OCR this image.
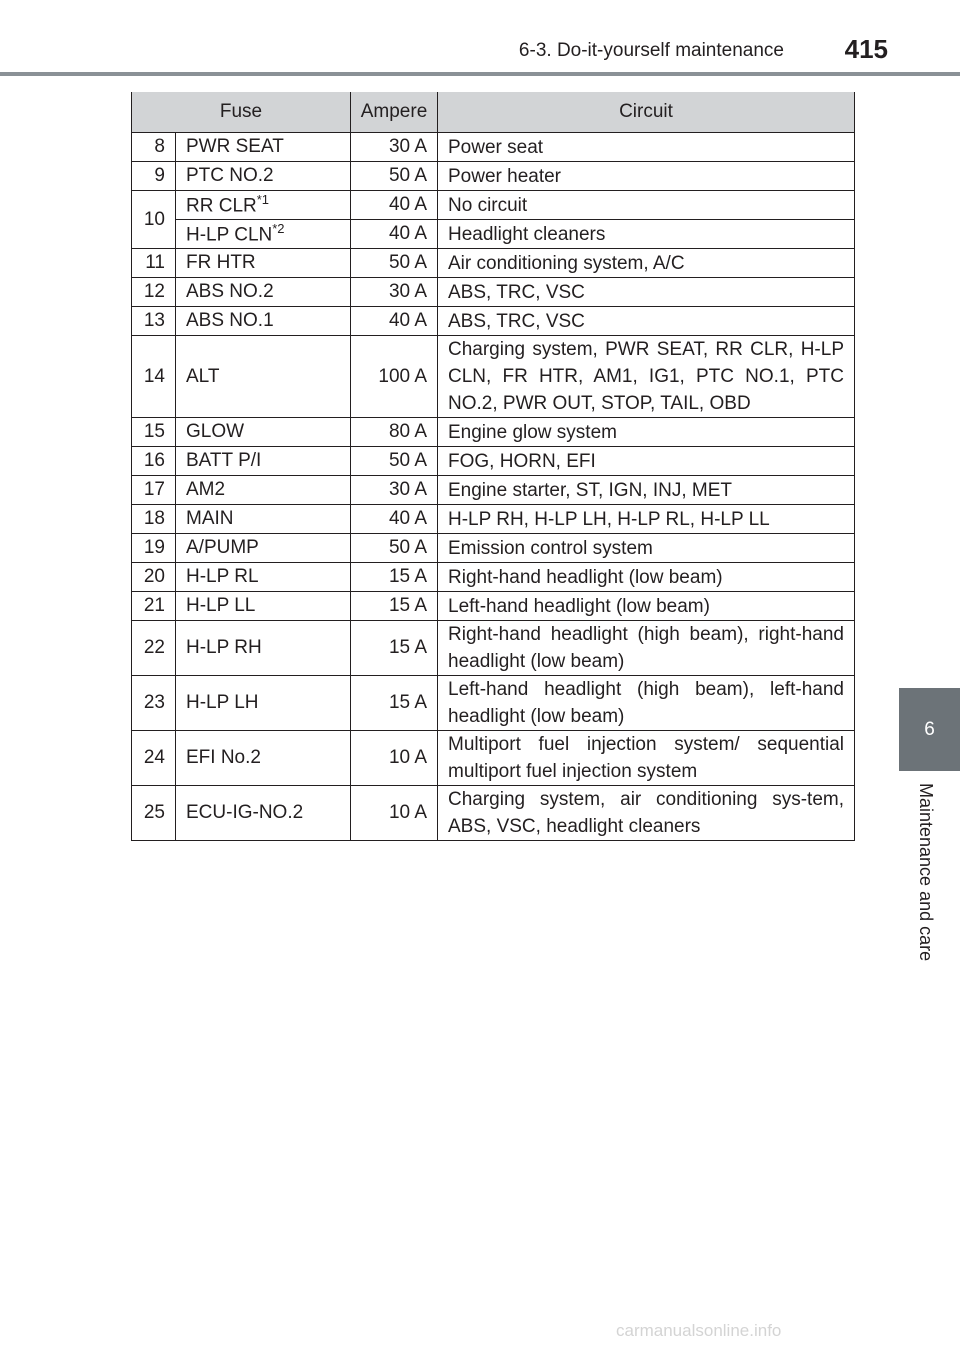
6-3. Do-it-yourself maintenance 415
6
Maintenance and care
Fuse		Ampere	Circuit
8	PWR SEAT	30 A	Power seat
9	PTC NO.2	50 A	Power heater
10	RR CLR$^{*1}$	40 A	No circuit
	H-LP CLN$^{*2}$	40 A	Headlight cleaners
11	FR HTR	50 A	Air conditioning system, A/C
12	ABS NO.2	30 A	ABS, TRC, VSC
13	ABS NO.1	40 A	ABS, TRC, VSC
14	ALT	100 A	Charging system, PWR SEAT, RR CLR, H-LP CLN, FR HTR, AM1, IG1, PTC NO.1, PTC NO.2, PWR OUT, STOP, TAIL, OBD
15	GLOW	80 A	Engine glow system
16	BATT P/I	50 A	FOG, HORN, EFI
17	AM2	30 A	Engine starter, ST, IGN, INJ, MET
18	MAIN	40 A	H-LP RH, H-LP LH, H-LP RL, H-LP LL
19	A/PUMP	50 A	Emission control system
20	H-LP RL	15 A	Right-hand headlight (low beam)
21	H-LP LL	15 A	Left-hand headlight (low beam)
22	H-LP RH	15 A	Right-hand headlight (high beam), right-hand headlight (low beam)
23	H-LP LH	15 A	Left-hand headlight (high beam), left-hand headlight (low beam)
24	EFI No.2	10 A	Multiport fuel injection system/ sequential multiport fuel injection system
25	ECU-IG-NO.2	10 A	Charging system, air conditioning sys-tem, ABS, VSC, headlight cleaners
carmanualsonline.info
